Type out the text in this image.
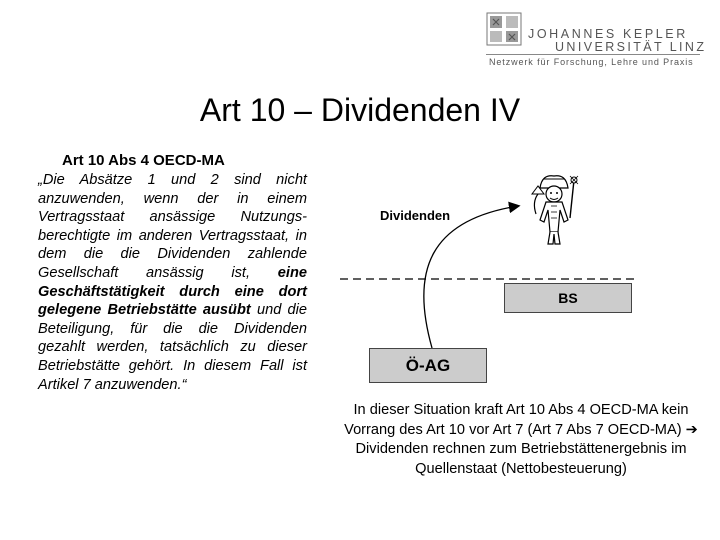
JOHANNES KEPLER
UNIVERSITÄT LINZ
Netzwerk für Forschung, Lehre und Praxis
Art 10 – Dividenden IV
Art 10 Abs 4 OECD-MA
„Die Absätze 1 und 2 sind nicht anzuwenden, wenn der in einem Vertragsstaat ansässige Nutzungsberechtigte im anderen Vertragsstaat, in dem die die Dividenden zahlende Gesellschaft ansässig ist, eine Geschäftstätigkeit durch eine dort gelegene Betriebstätte ausübt und die Beteiligung, für die die Dividenden gezahlt werden, tatsächlich zu dieser Betriebstätte gehört. In diesem Fall ist Artikel 7 anzuwenden.“
Dividenden
BS
Ö-AG
In dieser Situation kraft Art 10 Abs 4 OECD-MA kein Vorrang des Art 10 vor Art 7 (Art 7 Abs 7 OECD-MA) ➔ Dividenden rechnen zum Betriebstättenergebnis im Quellenstaat (Nettobesteuerung)
